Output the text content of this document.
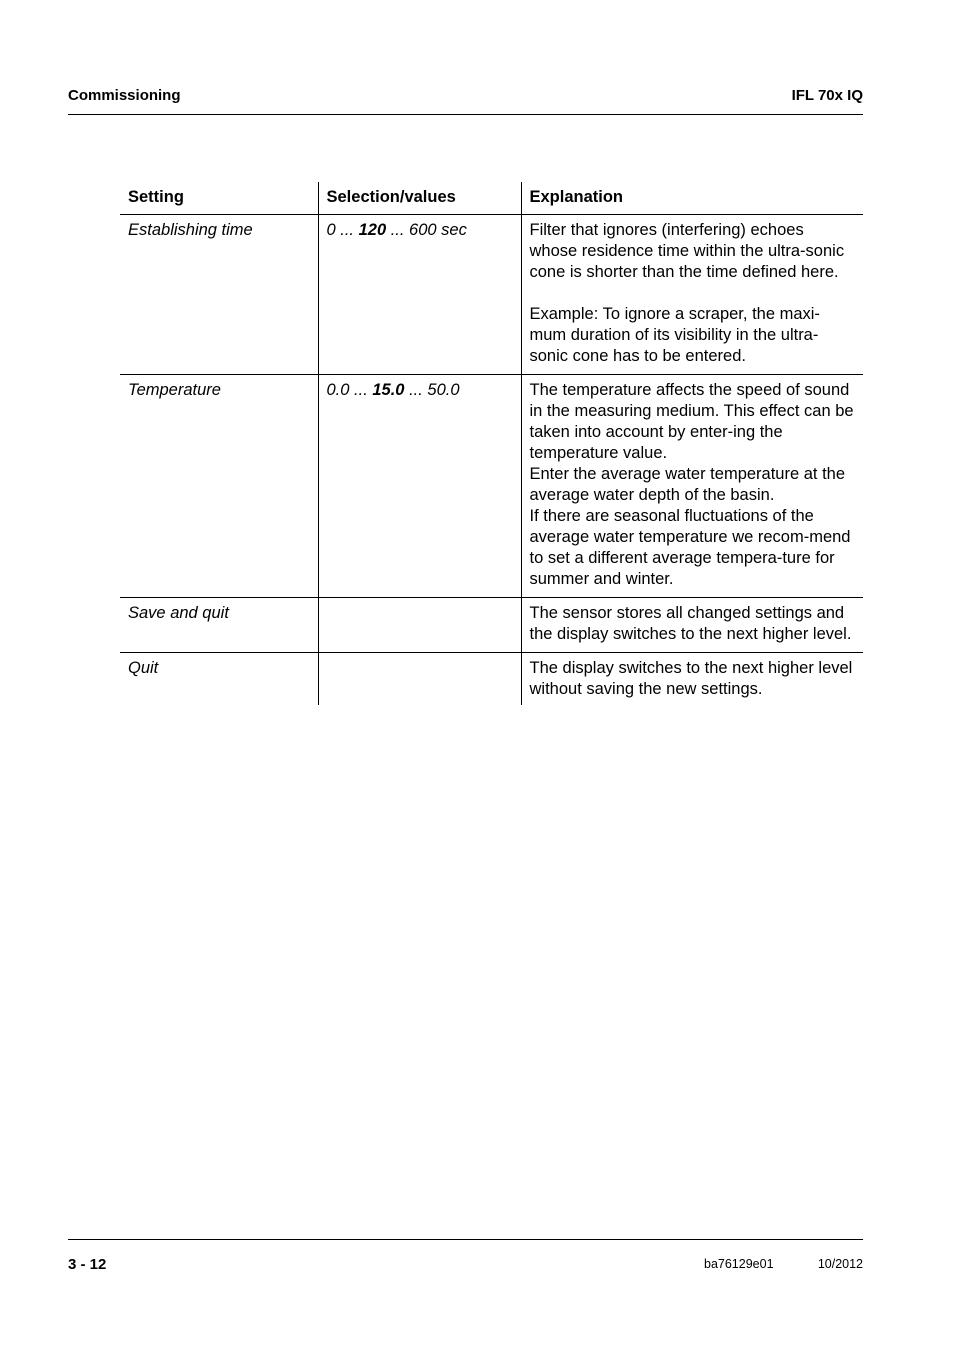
Commissioning	IFL 70x IQ
Setting	Selection/values	Explanation
Establishing time	0 ... 120 ... 600 sec	Filter that ignores (interfering) echoes whose residence time within the ultra-sonic cone is shorter than the time defined here.
Example: To ignore a scraper, the maxi-mum duration of its visibility in the ultra-sonic cone has to be entered.

Temperature	0.0 ... 15.0 ... 50.0	The temperature affects the speed of sound in the measuring medium. This effect can be taken into account by enter-ing the temperature value.
Enter the average water temperature at the average water depth of the basin.
If there are seasonal fluctuations of the average water temperature we recom-mend to set a different average tempera-ture for summer and winter.

Save and quit		The sensor stores all changed settings and the display switches to the next higher level.

Quit		The display switches to the next higher level without saving the new settings.
3 - 12	ba76129e01	10/2012
